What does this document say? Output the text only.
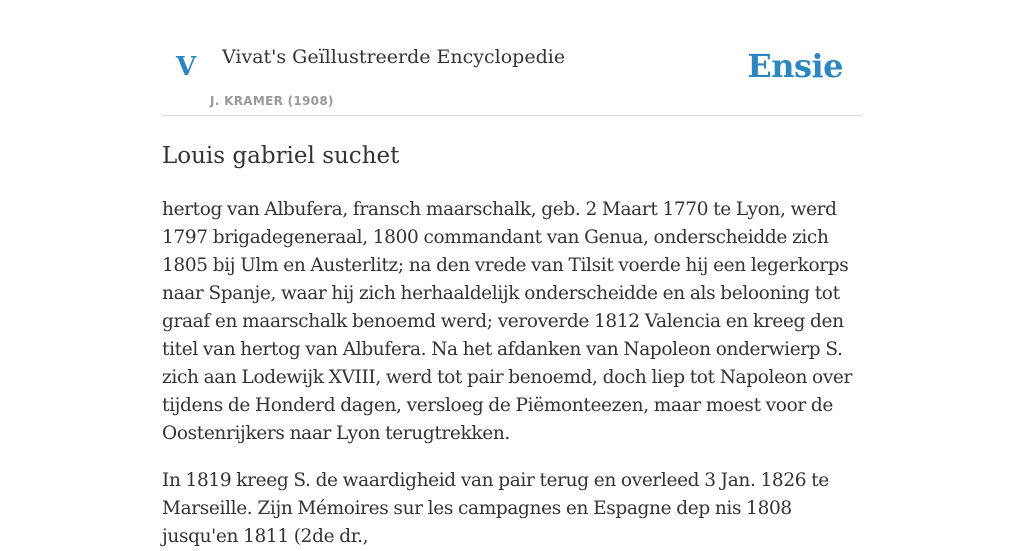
V Vivat's Geïllustreerde Encyclopedie
J. KRAMER (1908)
Ensie
Louis gabriel suchet

hertog van Albufera, fransch maarschalk, geb. 2 Maart 1770 te Lyon, werd 1797 brigadegeneraal, 1800 commandant van Genua, onderscheidde zich 1805 bij Ulm en Austerlitz; na den vrede van Tilsit voerde hij een legerkorps naar Spanje, waar hij zich herhaaldelijk onderscheidde en als belooning tot graaf en maarschalk benoemd werd; veroverde 1812 Valencia en kreeg den titel van hertog van Albufera. Na het afdanken van Napoleon onderwierp S. zich aan Lodewijk XVIII, werd tot pair benoemd, doch liep tot Napoleon over tijdens de Honderd dagen, versloeg de Piëmonteezen, maar moest voor de Oostenrijkers naar Lyon terugtrekken.

In 1819 kreeg S. de waardigheid van pair terug en overleed 3 Jan. 1826 te Marseille. Zijn Mémoires sur les campagnes en Espagne dep nis 1808 jusqu'en 1811 (2de dr.,
